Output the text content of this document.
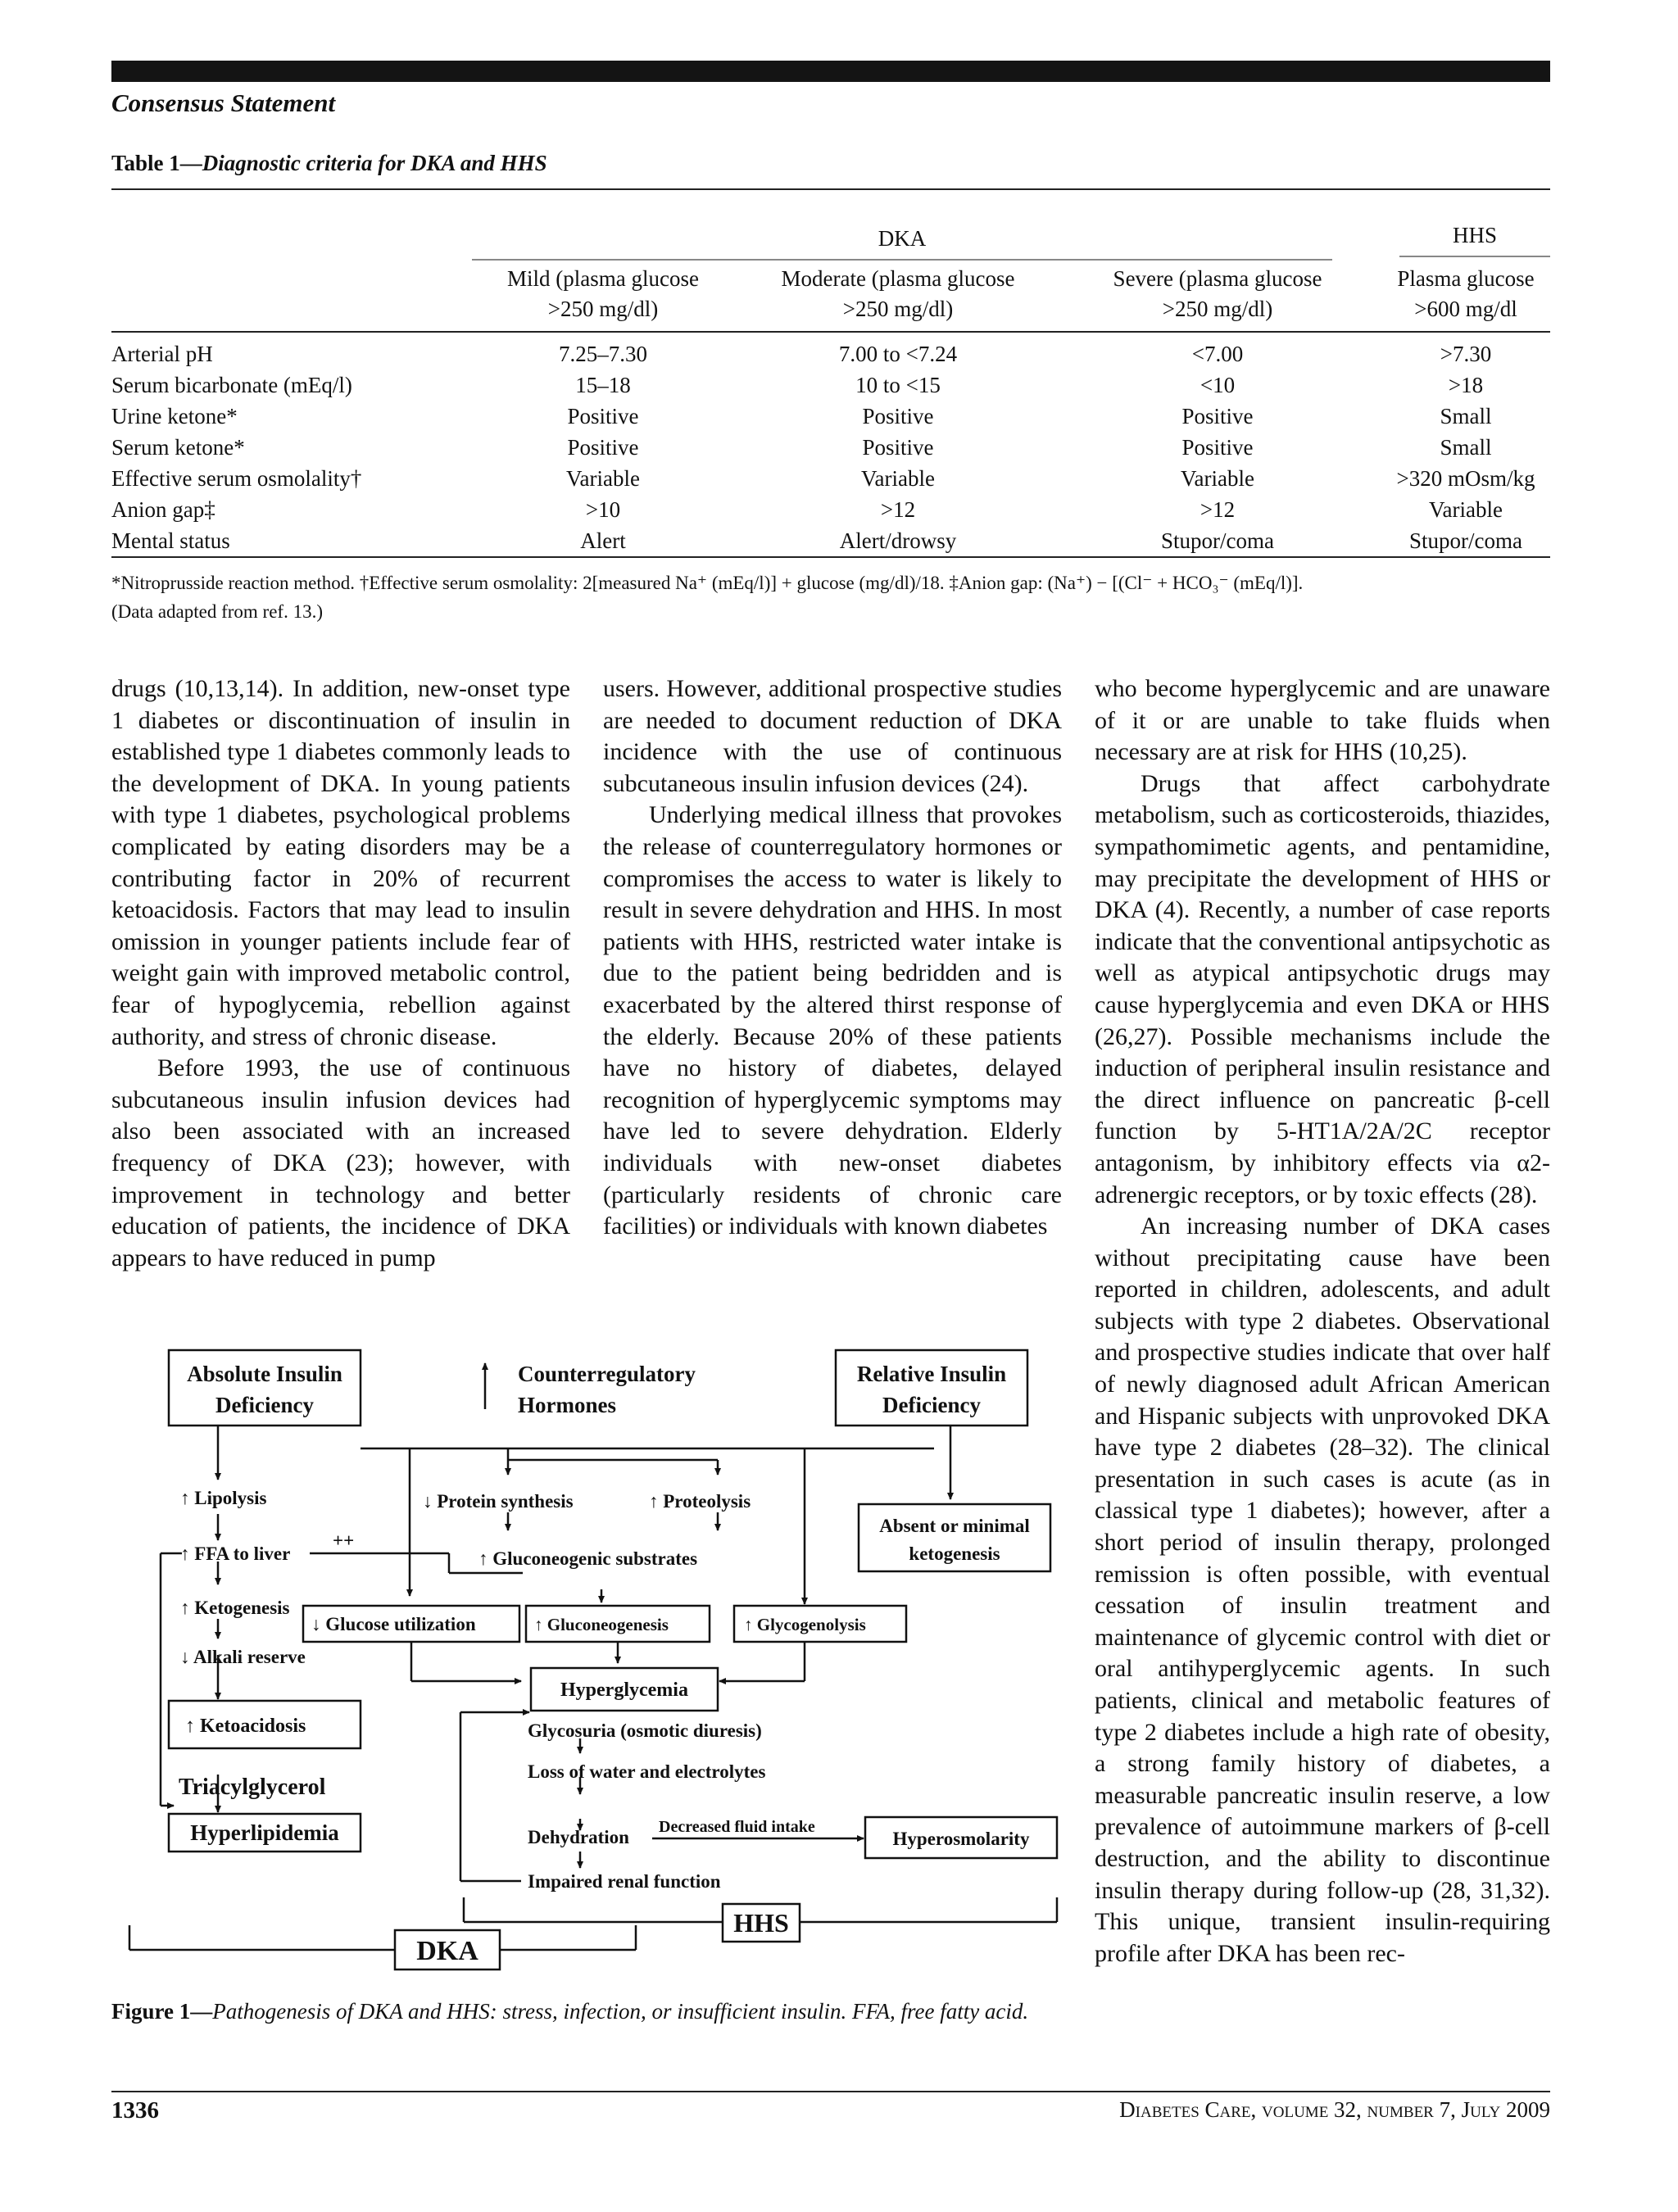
Consensus Statement
Table 1—Diagnostic criteria for DKA and HHS

	DKA			HHS

	Mild (plasma glucose
>250 mg/dl)	Moderate (plasma glucose
>250 mg/dl)	Severe (plasma glucose
>250 mg/dl)	Plasma glucose
>600 mg/dl
Arterial pH	7.25–7.30	7.00 to <7.24	<7.00	>7.30
Serum bicarbonate (mEq/l)	15–18	10 to <15	<10	>18
Urine ketone*	Positive	Positive	Positive	Small
Serum ketone*	Positive	Positive	Positive	Small
Effective serum osmolality†	Variable	Variable	Variable	>320 mOsm/kg
Anion gap‡	>10	>12	>12	Variable
Mental status	Alert	Alert/drowsy	Stupor/coma	Stupor/coma
*Nitroprusside reaction method. †Effective serum osmolality: 2[measured Na⁺ (mEq/l)] + glucose (mg/dl)/18. ‡Anion gap: (Na⁺) − [(Cl⁻ + HCO₃⁻ (mEq/l)].
(Data adapted from ref. 13.)

drugs (10,13,14). In addition, new-onset type 1 diabetes or discontinuation of insulin in established type 1 diabetes commonly leads to the development of DKA. In young patients with type 1 diabetes, psychological problems complicated by eating disorders may be a contributing factor in 20% of recurrent ketoacidosis. Factors that may lead to insulin omission in younger patients include fear of weight gain with improved metabolic control, fear of hypoglycemia, rebellion against authority, and stress of chronic disease.

Before 1993, the use of continuous subcutaneous insulin infusion devices had also been associated with an increased frequency of DKA (23); however, with improvement in technology and better education of patients, the incidence of DKA appears to have reduced in pump

users. However, additional prospective studies are needed to document reduction of DKA incidence with the use of continuous subcutaneous insulin infusion devices (24).

Underlying medical illness that provokes the release of counterregulatory hormones or compromises the access to water is likely to result in severe dehydration and HHS. In most patients with HHS, restricted water intake is due to the patient being bedridden and is exacerbated by the altered thirst response of the elderly. Because 20% of these patients have no history of diabetes, delayed recognition of hyperglycemic symptoms may have led to severe dehydration. Elderly individuals with new-onset diabetes (particularly residents of chronic care facilities) or individuals with known diabetes

who become hyperglycemic and are unaware of it or are unable to take fluids when necessary are at risk for HHS (10,25).

Drugs that affect carbohydrate metabolism, such as corticosteroids, thiazides, sympathomimetic agents, and pentamidine, may precipitate the development of HHS or DKA (4). Recently, a number of case reports indicate that the conventional antipsychotic as well as atypical antipsychotic drugs may cause hyperglycemia and even DKA or HHS (26,27). Possible mechanisms include the induction of peripheral insulin resistance and the direct influence on pancreatic β-cell function by 5-HT1A/2A/2C receptor antagonism, by inhibitory effects via α2-adrenergic receptors, or by toxic effects (28).

An increasing number of DKA cases without precipitating cause have been reported in children, adolescents, and adult subjects with type 2 diabetes. Observational and prospective studies indicate that over half of newly diagnosed adult African American and Hispanic subjects with unprovoked DKA have type 2 diabetes (28–32). The clinical presentation in such cases is acute (as in classical type 1 diabetes); however, after a short period of insulin therapy, prolonged remission is often possible, with eventual cessation of insulin treatment and maintenance of glycemic control with diet or oral antihyperglycemic agents. In such patients, clinical and metabolic features of type 2 diabetes include a high rate of obesity, a strong family history of diabetes, a measurable pancreatic insulin reserve, a low prevalence of autoimmune markers of β-cell destruction, and the ability to discontinue insulin therapy during follow-up (28, 31,32). This unique, transient insulin-requiring profile after DKA has been rec-

Absolute Insulin
Deficiency
Relative Insulin
Deficiency
Counterregulatory
Hormones
↑ Lipolysis
↑ FFA to liver
++
↑ Ketogenesis
↓ Alkali reserve
↑ Ketoacidosis
Triacylglycerol
Hyperlipidemia
↓ Protein synthesis	↑ Proteolysis
↑ Gluconeogenic substrates
Absent or minimal
ketogenesis
↓ Glucose utilization	↑ Gluconeogenesis	↑ Glycogenolysis
Hyperglycemia
Glycosuria (osmotic diuresis)
Loss of water and electrolytes
Dehydration Decreased fluid intake
Hyperosmolarity
Impaired renal function
HHS
DKA
Figure 1—Pathogenesis of DKA and HHS: stress, infection, or insufficient insulin. FFA, free fatty acid.
1336	Diabetes Care, volume 32, number 7, July 2009
